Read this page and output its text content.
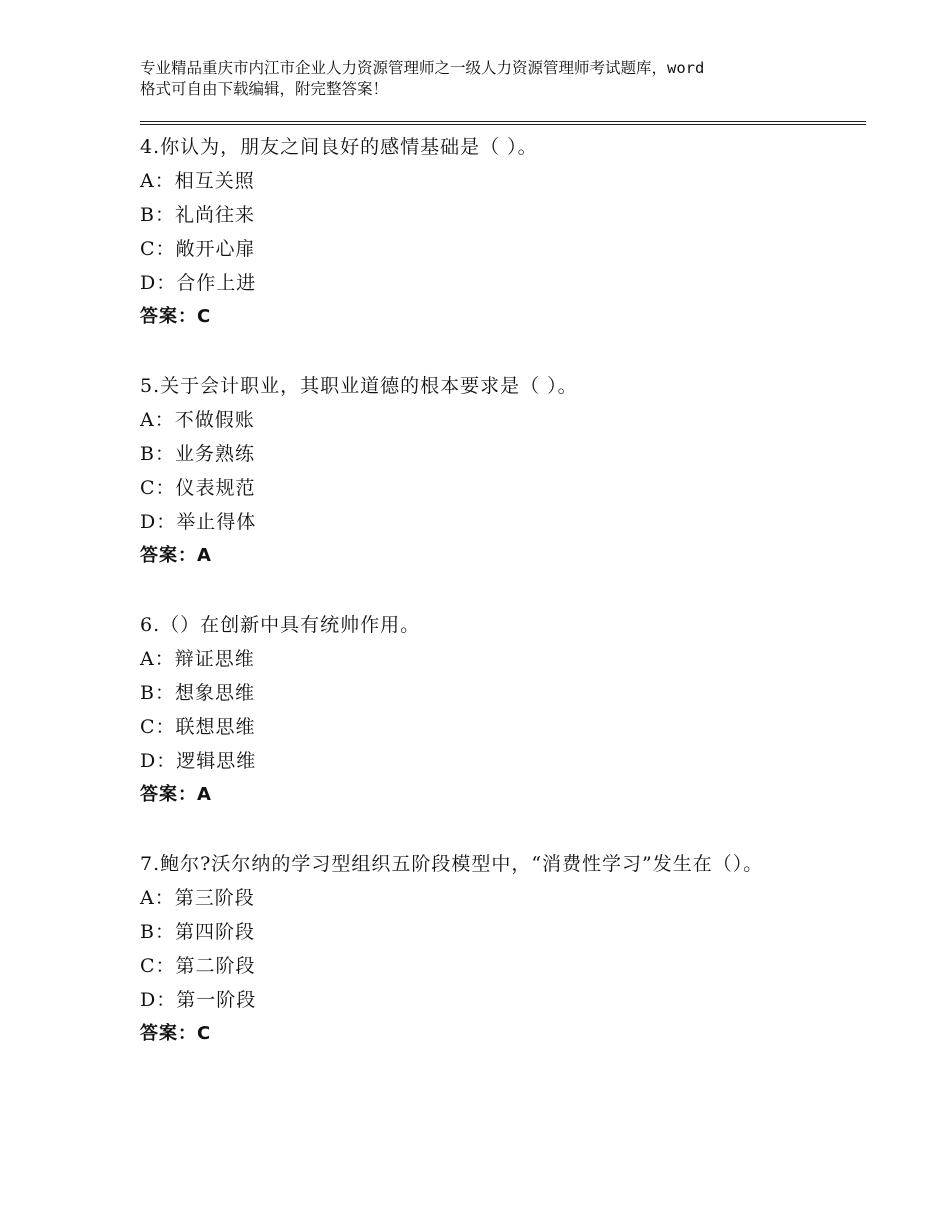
专业精品重庆市内江市企业人力资源管理师之一级人力资源管理师考试题库，word
格式可自由下载编辑，附完整答案！
4.你认为，朋友之间良好的感情基础是（ ）。
A：相互关照
B：礼尚往来
C：敞开心扉
D：合作上进
答案：C
5.关于会计职业，其职业道德的根本要求是（ ）。
A：不做假账
B：业务熟练
C：仪表规范
D：举止得体
答案：A
6.（）在创新中具有统帅作用。
A：辩证思维
B：想象思维
C：联想思维
D：逻辑思维
答案：A
7.鲍尔?沃尔纳的学习型组织五阶段模型中，“消费性学习”发生在（）。
A：第三阶段
B：第四阶段
C：第二阶段
D：第一阶段
答案：C
